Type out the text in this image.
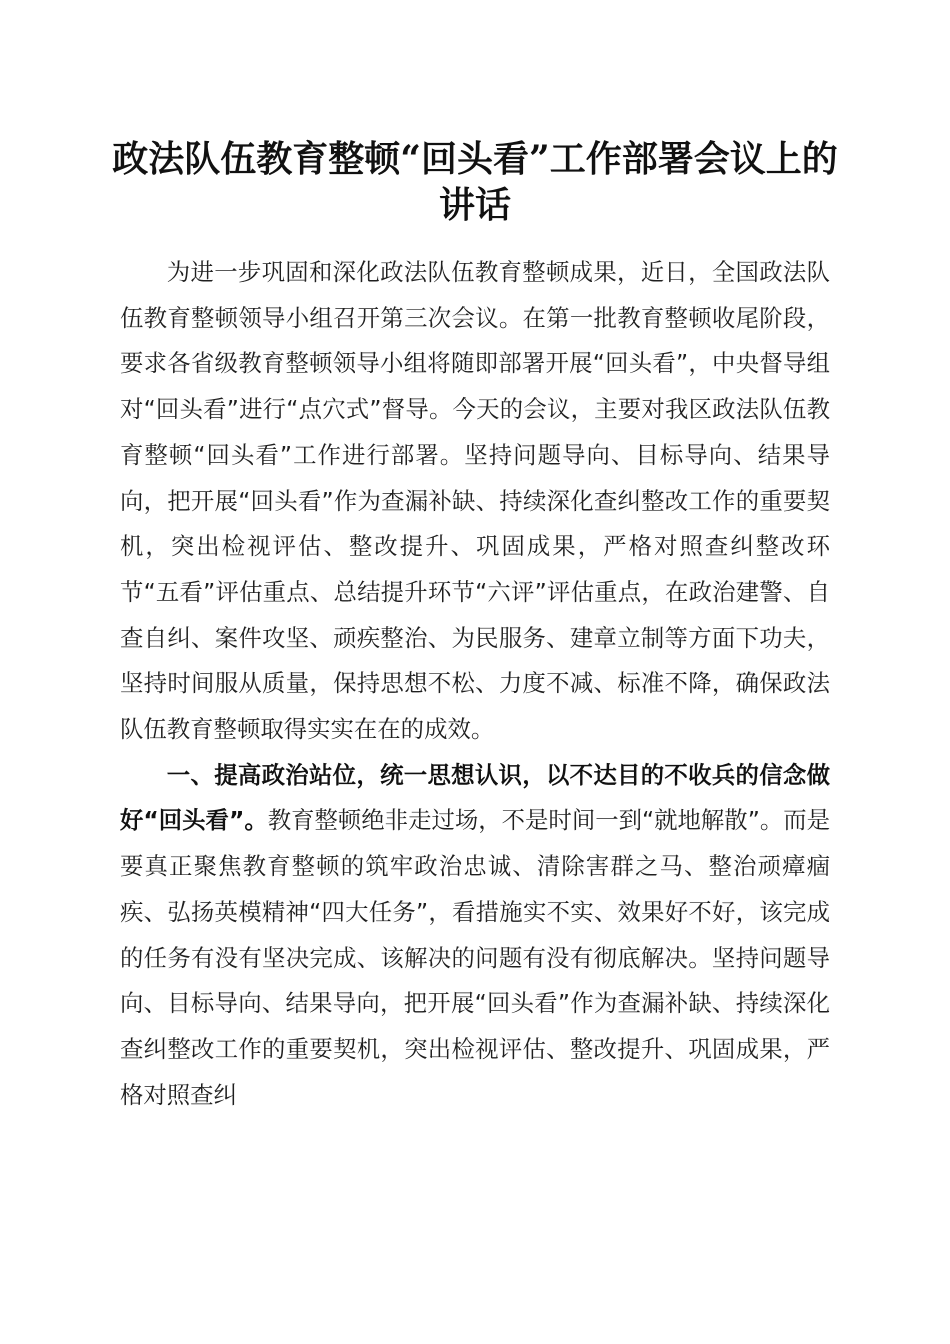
政法队伍教育整顿“回头看”工作部署会议上的讲话

为进一步巩固和深化政法队伍教育整顿成果，近日，全国政法队伍教育整顿领导小组召开第三次会议。在第一批教育整顿收尾阶段，要求各省级教育整顿领导小组将随即部署开展“回头看”，中央督导组对“回头看”进行“点穴式”督导。今天的会议，主要对我区政法队伍教育整顿“回头看”工作进行部署。坚持问题导向、目标导向、结果导向，把开展“回头看”作为查漏补缺、持续深化查纠整改工作的重要契机，突出检视评估、整改提升、巩固成果，严格对照查纠整改环节“五看”评估重点、总结提升环节“六评”评估重点，在政治建警、自查自纠、案件攻坚、顽疾整治、为民服务、建章立制等方面下功夫，坚持时间服从质量，保持思想不松、力度不减、标准不降，确保政法队伍教育整顿取得实实在在的成效。

一、提高政治站位，统一思想认识，以不达目的不收兵的信念做好“回头看”。教育整顿绝非走过场，不是时间一到“就地解散”。而是要真正聚焦教育整顿的筑牢政治忠诚、清除害群之马、整治顽瘴痼疾、弘扬英模精神“四大任务”，看措施实不实、效果好不好，该完成的任务有没有坚决完成、该解决的问题有没有彻底解决。坚持问题导向、目标导向、结果导向，把开展“回头看”作为查漏补缺、持续深化查纠整改工作的重要契机，突出检视评估、整改提升、巩固成果，严格对照查纠
